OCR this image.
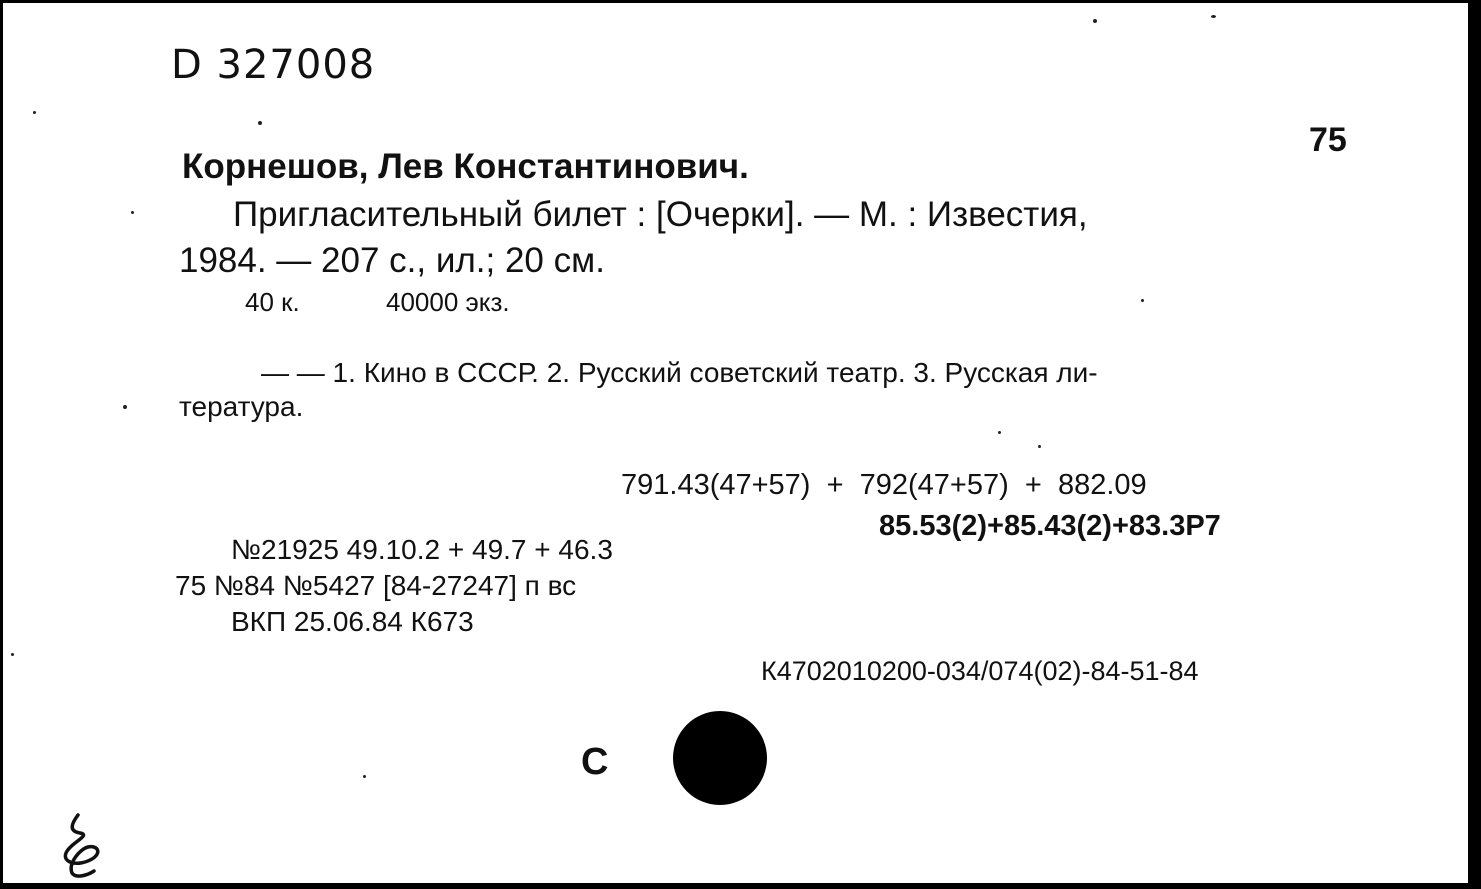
D 327008
75
Корнешов, Лев Константинович.
Пригласительный билет : [Очерки]. — М. : Известия,
1984. — 207 с., ил.; 20 см.
40 к.	40000 экз.
— — 1. Кино в СССР. 2. Русский советский театр. 3. Русская ли-
тература.
791.43(47+57)  +  792(47+57)  +  882.09
85.53(2)+85.43(2)+83.3Р7
№21925 49.10.2 + 49.7 + 46.3
75 №84 №5427 [84-27247] п вс
ВКП 25.06.84 К673
К4702010200-034/074(02)-84-51-84
С
